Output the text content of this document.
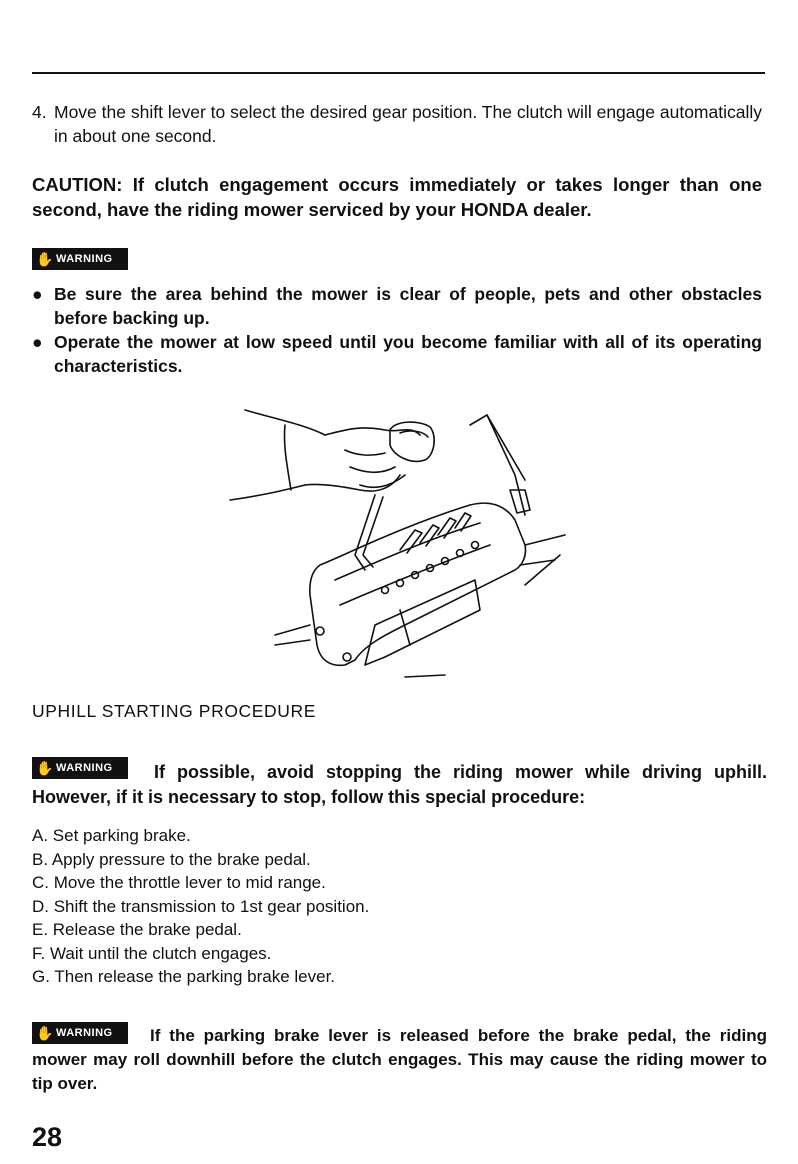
4. Move the shift lever to select the desired gear position. The clutch will engage automatically in about one second.
CAUTION: If clutch engagement occurs immediately or takes longer than one second, have the riding mower serviced by your HONDA dealer.
✋ WARNING
● Be sure the area behind the mower is clear of people, pets and other obstacles before backing up.
● Operate the mower at low speed until you become familiar with all of its operating characteristics.
UPHILL STARTING PROCEDURE
✋ WARNING	If possible, avoid stopping the riding mower while driving uphill. However, if it is necessary to stop, follow this special procedure:
A. Set parking brake.
B. Apply pressure to the brake pedal.
C. Move the throttle lever to mid range.
D. Shift the transmission to 1st gear position.
E. Release the brake pedal.
F. Wait until the clutch engages.
G. Then release the parking brake lever.
✋ WARNING	If the parking brake lever is released before the brake pedal, the riding mower may roll downhill before the clutch engages. This may cause the riding mower to tip over.
28
